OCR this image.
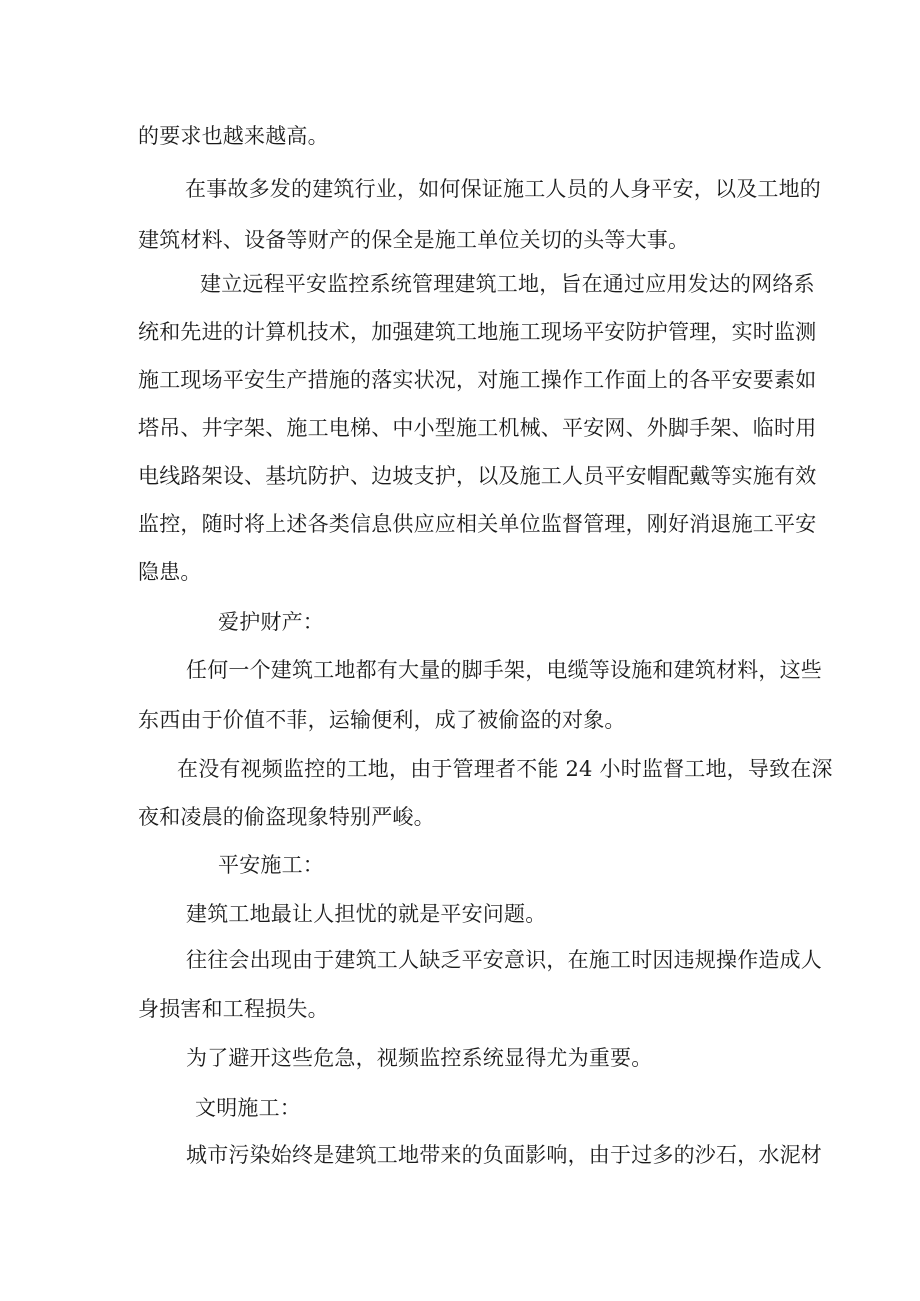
的要求也越来越高。
在事故多发的建筑行业，如何保证施工人员的人身平安，以及工地的
建筑材料、设备等财产的保全是施工单位关切的头等大事。
建立远程平安监控系统管理建筑工地，旨在通过应用发达的网络系
统和先进的计算机技术，加强建筑工地施工现场平安防护管理，实时监测
施工现场平安生产措施的落实状况，对施工操作工作面上的各平安要素如
塔吊、井字架、施工电梯、中小型施工机械、平安网、外脚手架、临时用
电线路架设、基坑防护、边坡支护，以及施工人员平安帽配戴等实施有效
监控，随时将上述各类信息供应应相关单位监督管理，刚好消退施工平安
隐患。
爱护财产：
任何一个建筑工地都有大量的脚手架，电缆等设施和建筑材料，这些
东西由于价值不菲，运输便利，成了被偷盗的对象。
在没有视频监控的工地，由于管理者不能 24 小时监督工地，导致在深
夜和凌晨的偷盗现象特别严峻。
平安施工：
建筑工地最让人担忧的就是平安问题。
往往会出现由于建筑工人缺乏平安意识，在施工时因违规操作造成人
身损害和工程损失。
为了避开这些危急，视频监控系统显得尤为重要。
文明施工：
城市污染始终是建筑工地带来的负面影响，由于过多的沙石，水泥材
